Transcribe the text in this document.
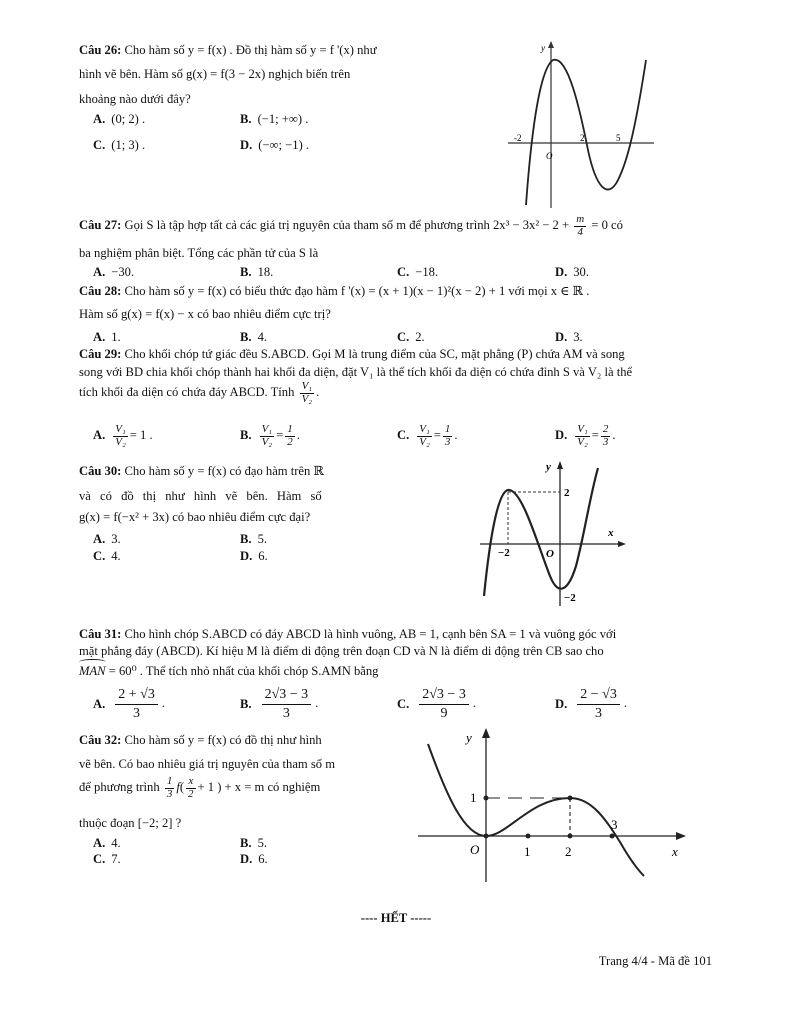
Câu 26: Cho hàm số y = f(x) . Đồ thị hàm số y = f '(x) như
hình vẽ bên. Hàm số g(x) = f(3 − 2x) nghịch biến trên
khoảng nào dưới đây?
A. (0; 2) .	B. (−1; +∞) .
C. (1; 3) .	D. (−∞; −1) .
y
O
-2	2	5
Câu 27: Gọi S là tập hợp tất cả các giá trị nguyên của tham số m để phương trình $2x^3 - 3x^2 - 2 + \frac{m}{4} = 0$ có
ba nghiệm phân biệt. Tổng các phần tử của S là
A. −30.	B. 18.	C. −18.	D. 30.
Câu 28: Cho hàm số y = f(x) có biểu thức đạo hàm f '(x) = (x + 1)(x − 1)²(x − 2) + 1 với mọi x ∈ ℝ .
Hàm số g(x) = f(x) − x có bao nhiêu điểm cực trị?
A. 1.	B. 4.	C. 2.	D. 3.
Câu 29: Cho khối chóp tứ giác đều S.ABCD. Gọi M là trung điểm của SC, mặt phẳng (P) chứa AM và song
song với BD chia khối chóp thành hai khối đa diện, đặt V₁ là thể tích khối đa diện có chứa đỉnh S và V₂ là thể
tích khối đa diện có chứa đáy ABCD. Tính $\frac{\text{V₁}}{\text{V₂}}$ .
A. $\frac{\text{V₁}}{\text{V₂}} = 1$ .	B. $\frac{\text{V₁}}{\text{V₂}} = \frac{1}{2}$ .	C. $\frac{\text{V₁}}{\text{V₂}} = \frac{1}{3}$ .	D. $\frac{\text{V₁}}{\text{V₂}} = \frac{2}{3}$ .
Câu 30: Cho hàm số y = f(x) có đạo hàm trên ℝ
và có đồ thị như hình vẽ bên. Hàm số
g(x) = f(−x² + 3x) có bao nhiêu điểm cực đại?
A. 3.	B. 5.
C. 4.	D. 6.
y
x
2
−2	O
−2
Câu 31: Cho hình chóp S.ABCD có đáy ABCD là hình vuông, AB = 1, cạnh bên SA = 1 và vuông góc với
mặt phẳng đáy (ABCD). Kí hiệu M là điểm di động trên đoạn CD và N là điểm di động trên CB sao cho
MAN = 60⁰ . Thể tích nhỏ nhất của khối chóp S.AMN bằng
A. $\frac{2 + √3}{3}$ .	B. $\frac{2√3 - 3}{3}$ .	C. $\frac{2√3 - 3}{9}$ .	D. $\frac{2 - √3}{3}$ .
Câu 32: Cho hàm số y = f(x) có đồ thị như hình
vẽ bên. Có bao nhiêu giá trị nguyên của tham số m
để phương trình $\frac{1}{3} f( \frac{x}{2} + 1$ ) + x = m có nghiệm
thuộc đoạn [−2; 2] ?
A. 4.	B. 5.
C. 7.	D. 6.
y
x
O	1	2
3
1
---- HẾT -----
Trang 4/4 - Mã đề 101
